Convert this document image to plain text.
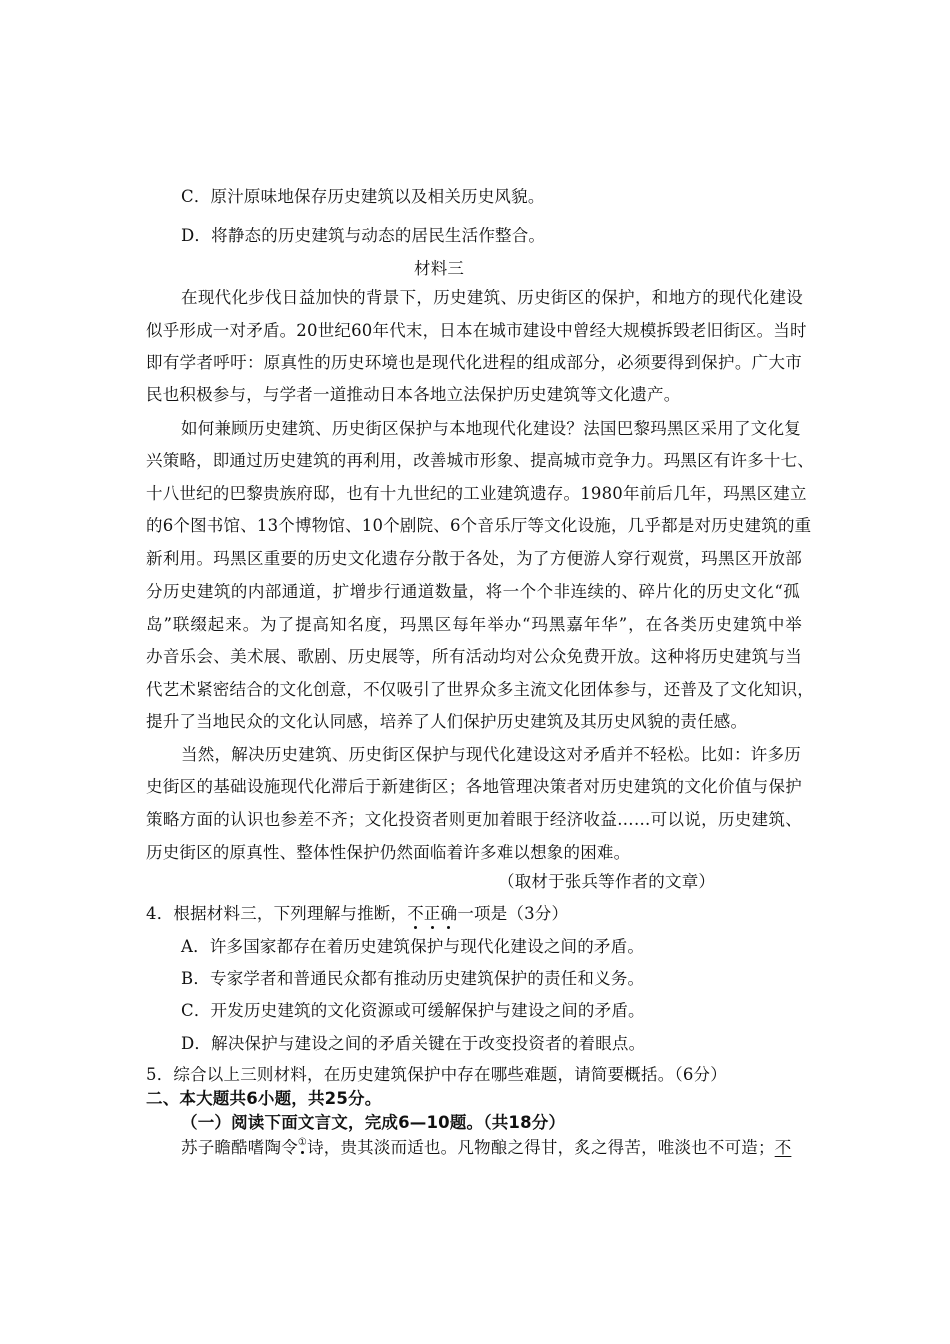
C．原汁原味地保存历史建筑以及相关历史风貌。
D．将静态的历史建筑与动态的居民生活作整合。
材料三
在现代化步伐日益加快的背景下，历史建筑、历史街区的保护，和地方的现代化建设
似乎形成一对矛盾。20世纪60年代末，日本在城市建设中曾经大规模拆毁老旧街区。当时
即有学者呼吁：原真性的历史环境也是现代化进程的组成部分，必须要得到保护。广大市
民也积极参与，与学者一道推动日本各地立法保护历史建筑等文化遗产。
如何兼顾历史建筑、历史街区保护与本地现代化建设？法国巴黎玛黑区采用了文化复
兴策略，即通过历史建筑的再利用，改善城市形象、提高城市竞争力。玛黑区有许多十七、
十八世纪的巴黎贵族府邸，也有十九世纪的工业建筑遗存。1980年前后几年，玛黑区建立
的6个图书馆、13个博物馆、10个剧院、6个音乐厅等文化设施，几乎都是对历史建筑的重
新利用。玛黑区重要的历史文化遗存分散于各处，为了方便游人穿行观赏，玛黑区开放部
分历史建筑的内部通道，扩增步行通道数量，将一个个非连续的、碎片化的历史文化“孤
岛”联缀起来。为了提高知名度，玛黑区每年举办“玛黑嘉年华”，在各类历史建筑中举
办音乐会、美术展、歌剧、历史展等，所有活动均对公众免费开放。这种将历史建筑与当
代艺术紧密结合的文化创意，不仅吸引了世界众多主流文化团体参与，还普及了文化知识，
提升了当地民众的文化认同感，培养了人们保护历史建筑及其历史风貌的责任感。
当然，解决历史建筑、历史街区保护与现代化建设这对矛盾并不轻松。比如：许多历
史街区的基础设施现代化滞后于新建街区；各地管理决策者对历史建筑的文化价值与保护
策略方面的认识也参差不齐；文化投资者则更加着眼于经济收益……可以说，历史建筑、
历史街区的原真性、整体性保护仍然面临着许多难以想象的困难。
（取材于张兵等作者的文章）
4．根据材料三，下列理解与推断，不正确一项是（3分）
A．许多国家都存在着历史建筑保护与现代化建设之间的矛盾。
B．专家学者和普通民众都有推动历史建筑保护的责任和义务。
C．开发历史建筑的文化资源或可缓解保护与建设之间的矛盾。
D．解决保护与建设之间的矛盾关键在于改变投资者的着眼点。
5．综合以上三则材料，在历史建筑保护中存在哪些难题，请简要概括。（6分）
二、本大题共6小题，共25分。
（一）阅读下面文言文，完成6—10题。（共18分）
苏子瞻酷嗜陶令①诗，贵其淡而适也。凡物酿之得甘，炙之得苦，唯淡也不可造；不
